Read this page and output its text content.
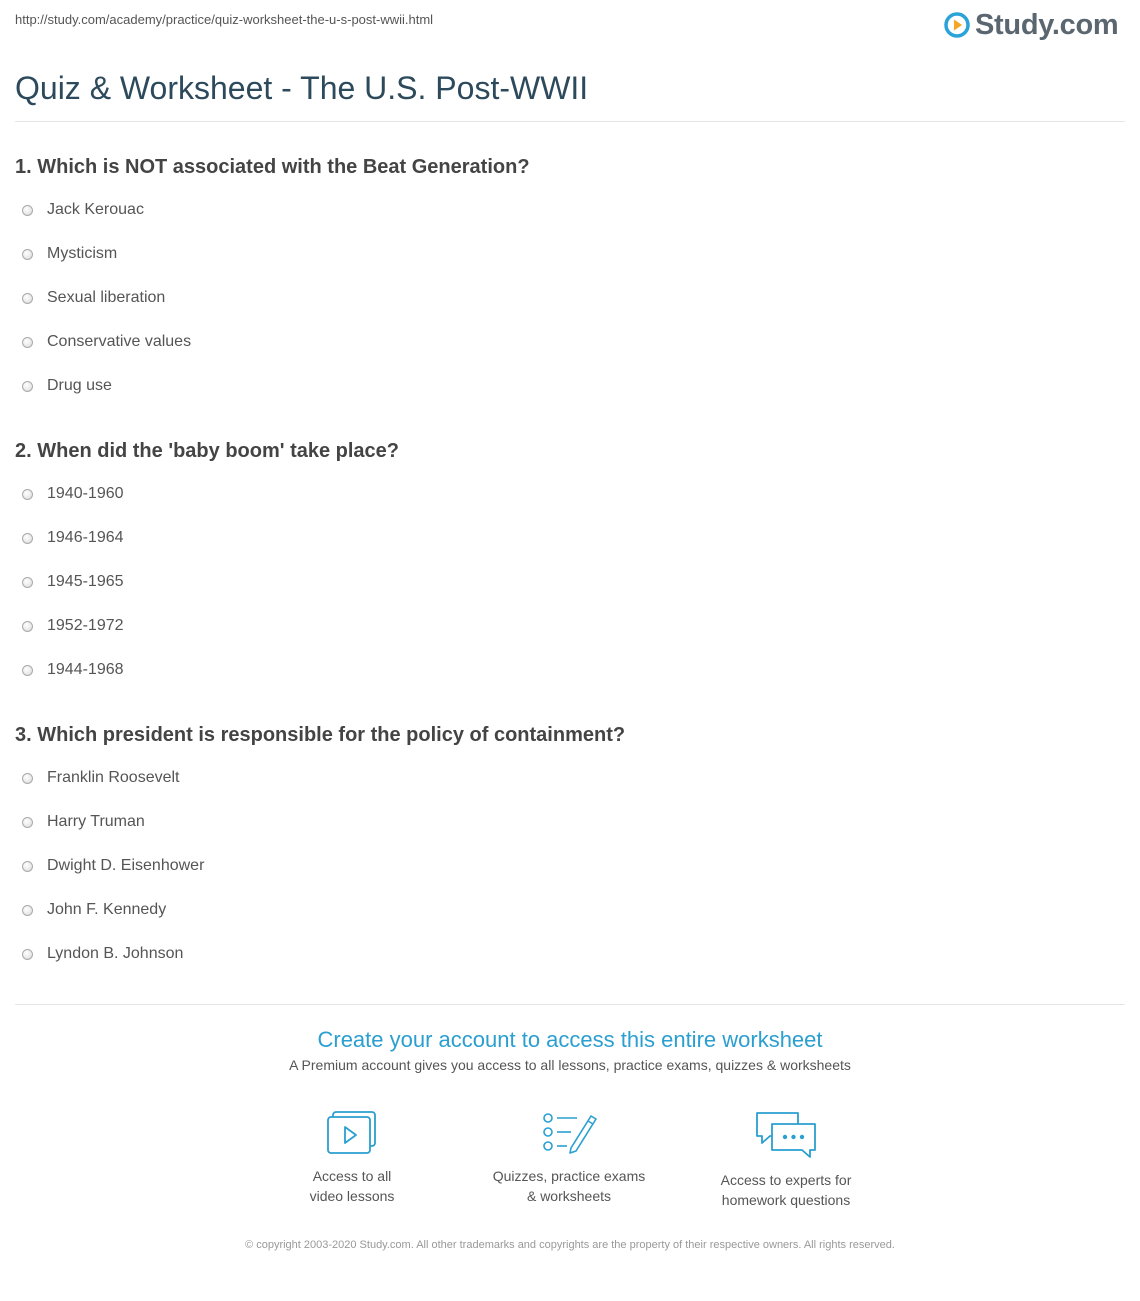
http://study.com/academy/practice/quiz-worksheet-the-u-s-post-wwii.html	Study.com
Quiz & Worksheet - The U.S. Post-WWII
1. Which is NOT associated with the Beat Generation?
Jack Kerouac
Mysticism
Sexual liberation
Conservative values
Drug use
2. When did the 'baby boom' take place?
1940-1960
1946-1964
1945-1965
1952-1972
1944-1968
3. Which president is responsible for the policy of containment?
Franklin Roosevelt
Harry Truman
Dwight D. Eisenhower
John F. Kennedy
Lyndon B. Johnson
Create your account to access this entire worksheet
A Premium account gives you access to all lessons, practice exams, quizzes & worksheets
Access to all
video lessons
Quizzes, practice exams
& worksheets
Access to experts for
homework questions
© copyright 2003-2020 Study.com. All other trademarks and copyrights are the property of their respective owners. All rights reserved.
